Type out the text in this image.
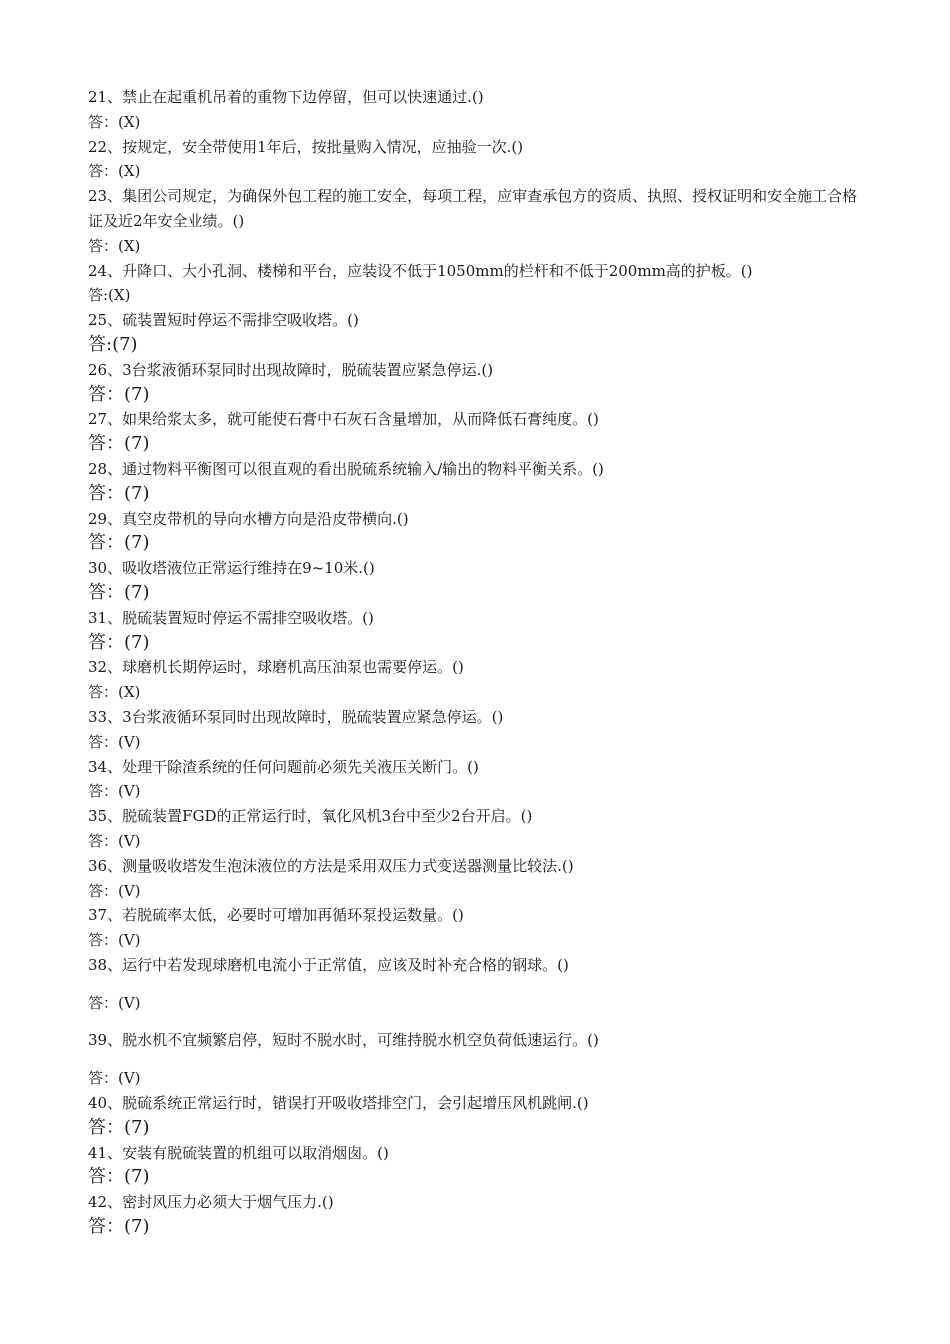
21、禁止在起重机吊着的重物下边停留，但可以快速通过.()
答：(X)
22、按规定，安全带使用1年后，按批量购入情况，应抽验一次.()
答：(X)
23、集团公司规定，为确保外包工程的施工安全，每项工程，应审查承包方的资质、执照、授权证明和安全施工合格证及近2年安全业绩。()
答：(X)
24、升降口、大小孔洞、楼梯和平台，应装设不低于1050mm的栏杆和不低于200mm高的护板。()
答:(X)
25、硫装置短时停运不需排空吸收塔。()
答:(7)
26、3台浆液循环泵同时出现故障时，脱硫装置应紧急停运.()
答：(7)
27、如果给浆太多，就可能使石膏中石灰石含量增加，从而降低石膏纯度。()
答：(7)
28、通过物料平衡图可以很直观的看出脱硫系统输入/输出的物料平衡关系。()
答：(7)
29、真空皮带机的导向水槽方向是沿皮带横向.()
答：(7)
30、吸收塔液位正常运行维持在9~10米.()
答：(7)
31、脱硫装置短时停运不需排空吸收塔。()
答：(7)
32、球磨机长期停运时，球磨机高压油泵也需要停运。()
答：(X)
33、3台浆液循环泵同时出现故障时，脱硫装置应紧急停运。()
答：(V)
34、处理干除渣系统的任何问题前必须先关液压关断门。()
答：(V)
35、脱硫装置FGD的正常运行时，氧化风机3台中至少2台开启。()
答：(V)
36、测量吸收塔发生泡沫液位的方法是采用双压力式变送器测量比较法.()
答：(V)
37、若脱硫率太低，必要时可增加再循环泵投运数量。()
答：(V)
38、运行中若发现球磨机电流小于正常值，应该及时补充合格的钢球。()
答：(V)
39、脱水机不宜频繁启停，短时不脱水时，可维持脱水机空负荷低速运行。()
答：(V)
40、脱硫系统正常运行时，错误打开吸收塔排空门，会引起增压风机跳闸.()
答：(7)
41、安装有脱硫装置的机组可以取消烟囱。()
答：(7)
42、密封风压力必须大于烟气压力.()
答：(7)
